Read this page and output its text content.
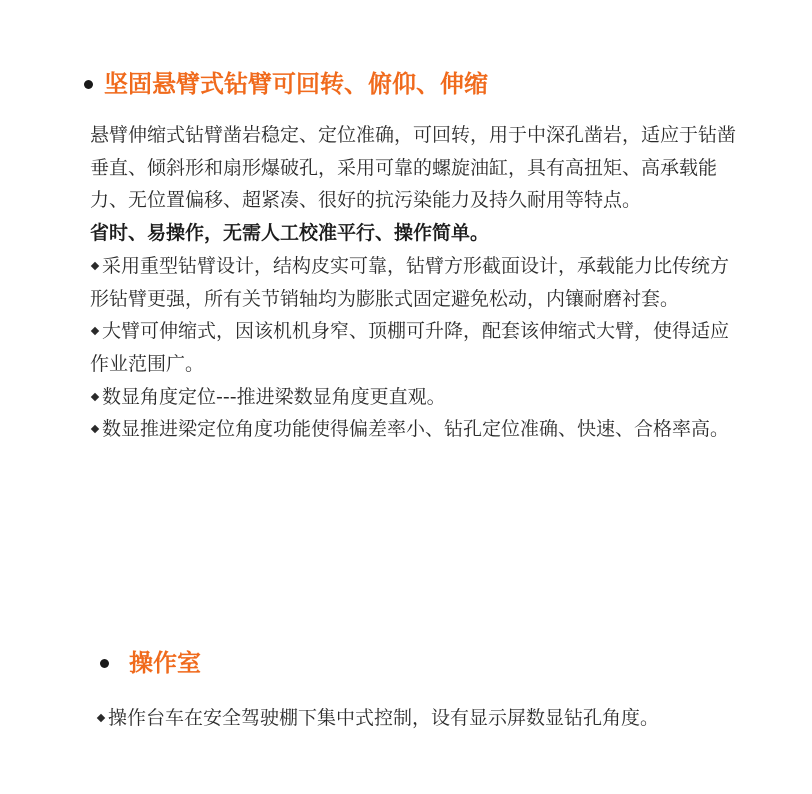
坚固悬臂式钻臂可回转、俯仰、伸缩

悬臂伸缩式钻臂凿岩稳定、定位准确，可回转，用于中深孔凿岩，适应于钻凿垂直、倾斜形和扇形爆破孔，采用可靠的螺旋油缸，具有高扭矩、高承载能力、无位置偏移、超紧凑、很好的抗污染能力及持久耐用等特点。

省时、易操作，无需人工校准平行、操作简单。

采用重型钻臂设计，结构皮实可靠，钻臂方形截面设计，承载能力比传统方形钻臂更强，所有关节销轴均为膨胀式固定避免松动，内镶耐磨衬套。

大臂可伸缩式，因该机机身窄、顶棚可升降，配套该伸缩式大臂，使得适应作业范围广。

数显角度定位---推进梁数显角度更直观。

数显推进梁定位角度功能使得偏差率小、钻孔定位准确、快速、合格率高。

操作室

操作台车在安全驾驶棚下集中式控制，设有显示屏数显钻孔角度。
